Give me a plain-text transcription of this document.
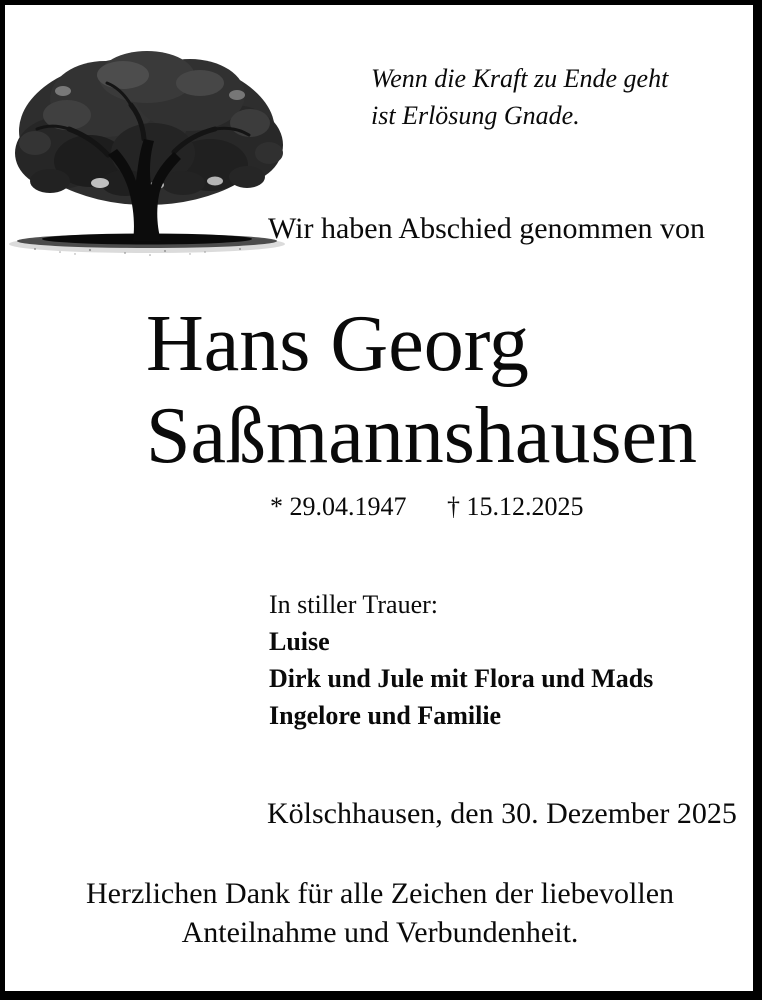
Wenn die Kraft zu Ende geht
ist Erlösung Gnade.
Wir haben Abschied genommen von
Hans Georg
Saßmannshausen
* 29.04.1947 † 15.12.2025
In stiller Trauer:
Luise
Dirk und Jule mit Flora und Mads
Ingelore und Familie
Kölschhausen, den 30. Dezember 2025
Herzlichen Dank für alle Zeichen der liebevollen
Anteilnahme und Verbundenheit.
